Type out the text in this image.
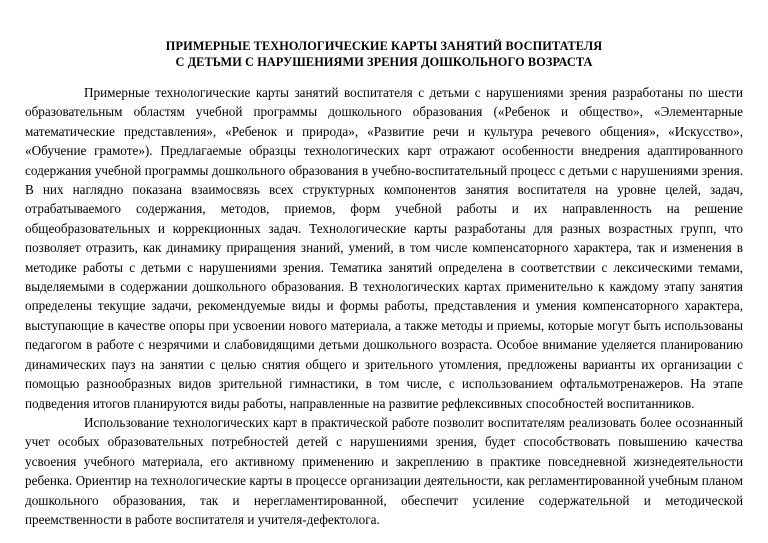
ПРИМЕРНЫЕ ТЕХНОЛОГИЧЕСКИЕ КАРТЫ ЗАНЯТИЙ ВОСПИТАТЕЛЯ
С ДЕТЬМИ С НАРУШЕНИЯМИ ЗРЕНИЯ ДОШКОЛЬНОГО ВОЗРАСТА

Примерные технологические карты занятий воспитателя с детьми с нарушениями зрения разработаны по шести образовательным областям учебной программы дошкольного образования («Ребенок и общество», «Элементарные математические представления», «Ребенок и природа», «Развитие речи и культура речевого общения», «Искусство», «Обучение грамоте»). Предлагаемые образцы технологических карт отражают особенности внедрения адаптированного содержания учебной программы дошкольного образования в учебно-воспитательный процесс с детьми с нарушениями зрения. В них наглядно показана взаимосвязь всех структурных компонентов занятия воспитателя на уровне целей, задач, отрабатываемого содержания, методов, приемов, форм учебной работы и их направленность на решение общеобразовательных и коррекционных задач. Технологические карты разработаны для разных возрастных групп, что позволяет отразить, как динамику приращения знаний, умений, в том числе компенсаторного характера, так и изменения в методике работы с детьми с нарушениями зрения. Тематика занятий определена в соответствии с лексическими темами, выделяемыми в содержании дошкольного образования. В технологических картах применительно к каждому этапу занятия определены текущие задачи, рекомендуемые виды и формы работы, представления и умения компенсаторного характера, выступающие в качестве опоры при усвоении нового материала, а также методы и приемы, которые могут быть использованы педагогом в работе с незрячими и слабовидящими детьми дошкольного возраста. Особое внимание уделяется планированию динамических пауз на занятии с целью снятия общего и зрительного утомления, предложены варианты их организации с помощью разнообразных видов зрительной гимнастики, в том числе, с использованием офтальмотренажеров. На этапе подведения итогов планируются виды работы, направленные на развитие рефлексивных способностей воспитанников.

Использование технологических карт в практической работе позволит воспитателям реализовать более осознанный учет особых образовательных потребностей детей с нарушениями зрения, будет способствовать повышению качества усвоения учебного материала, его активному применению и закреплению в практике повседневной жизнедеятельности ребенка. Ориентир на технологические карты в процессе организации деятельности, как регламентированной учебным планом дошкольного образования, так и нерегламентированной, обеспечит усиление содержательной и методической преемственности в работе воспитателя и учителя-дефектолога.
